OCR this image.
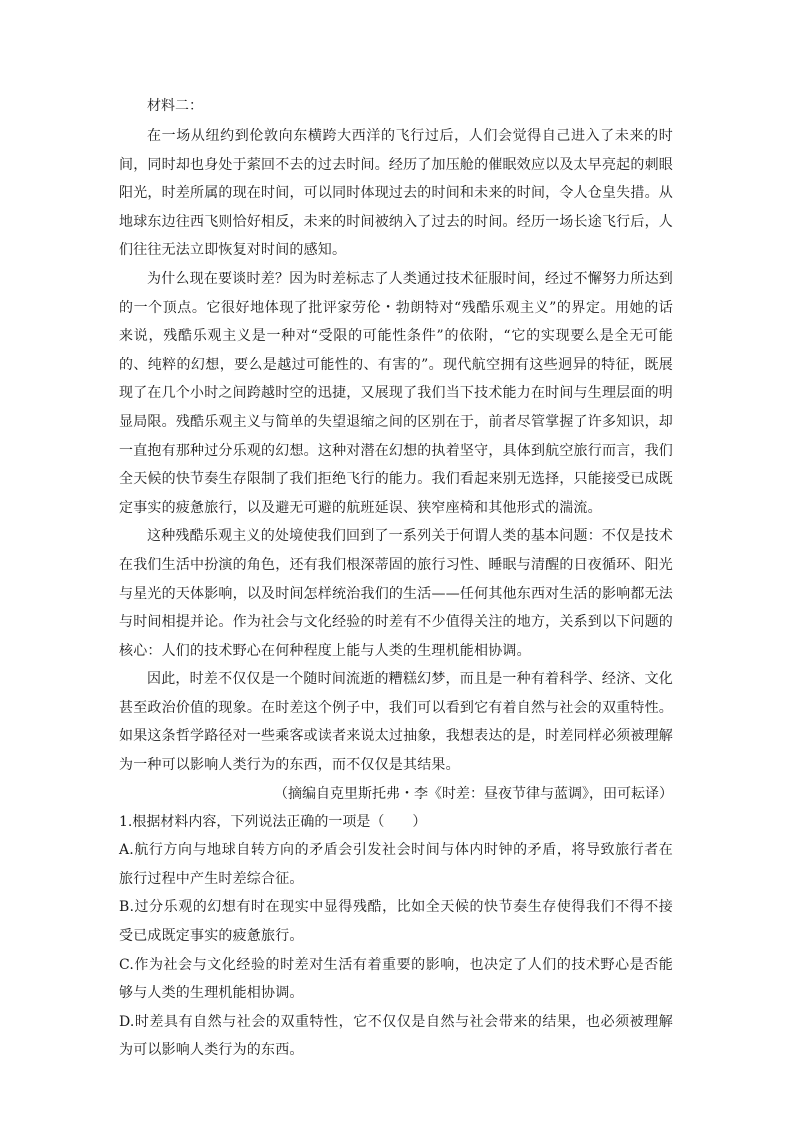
材料二：

在一场从纽约到伦敦向东横跨大西洋的飞行过后，人们会觉得自己进入了未来的时间，同时却也身处于萦回不去的过去时间。经历了加压舱的催眠效应以及太早亮起的刺眼阳光，时差所属的现在时间，可以同时体现过去的时间和未来的时间，令人仓皇失措。从地球东边往西飞则恰好相反，未来的时间被纳入了过去的时间。经历一场长途飞行后，人们往往无法立即恢复对时间的感知。

为什么现在要谈时差？因为时差标志了人类通过技术征服时间，经过不懈努力所达到的一个顶点。它很好地体现了批评家劳伦・勃朗特对“残酷乐观主义”的界定。用她的话来说，残酷乐观主义是一种对“受限的可能性条件”的依附，“它的实现要么是全无可能的、纯粹的幻想，要么是越过可能性的、有害的”。现代航空拥有这些迥异的特征，既展现了在几个小时之间跨越时空的迅捷，又展现了我们当下技术能力在时间与生理层面的明显局限。残酷乐观主义与简单的失望退缩之间的区别在于，前者尽管掌握了许多知识，却一直抱有那种过分乐观的幻想。这种对潜在幻想的执着坚守，具体到航空旅行而言，我们全天候的快节奏生存限制了我们拒绝飞行的能力。我们看起来别无选择，只能接受已成既定事实的疲惫旅行，以及避无可避的航班延误、狭窄座椅和其他形式的湍流。

这种残酷乐观主义的处境使我们回到了一系列关于何谓人类的基本问题：不仅是技术在我们生活中扮演的角色，还有我们根深蒂固的旅行习性、睡眠与清醒的日夜循环、阳光与星光的天体影响，以及时间怎样统治我们的生活——任何其他东西对生活的影响都无法与时间相提并论。作为社会与文化经验的时差有不少值得关注的地方，关系到以下问题的核心：人们的技术野心在何种程度上能与人类的生理机能相协调。

因此，时差不仅仅是一个随时间流逝的糟糕幻梦，而且是一种有着科学、经济、文化甚至政治价值的现象。在时差这个例子中，我们可以看到它有着自然与社会的双重特性。如果这条哲学路径对一些乘客或读者来说太过抽象，我想表达的是，时差同样必须被理解为一种可以影响人类行为的东西，而不仅仅是其结果。

（摘编自克里斯托弗・李《时差：昼夜节律与蓝调》，田可耘译）
1.根据材料内容，下列说法正确的一项是（　　）
A.航行方向与地球自转方向的矛盾会引发社会时间与体内时钟的矛盾，将导致旅行者在旅行过程中产生时差综合征。
B.过分乐观的幻想有时在现实中显得残酷，比如全天候的快节奏生存使得我们不得不接受已成既定事实的疲惫旅行。
C.作为社会与文化经验的时差对生活有着重要的影响，也决定了人们的技术野心是否能够与人类的生理机能相协调。
D.时差具有自然与社会的双重特性，它不仅仅是自然与社会带来的结果，也必须被理解为可以影响人类行为的东西。
